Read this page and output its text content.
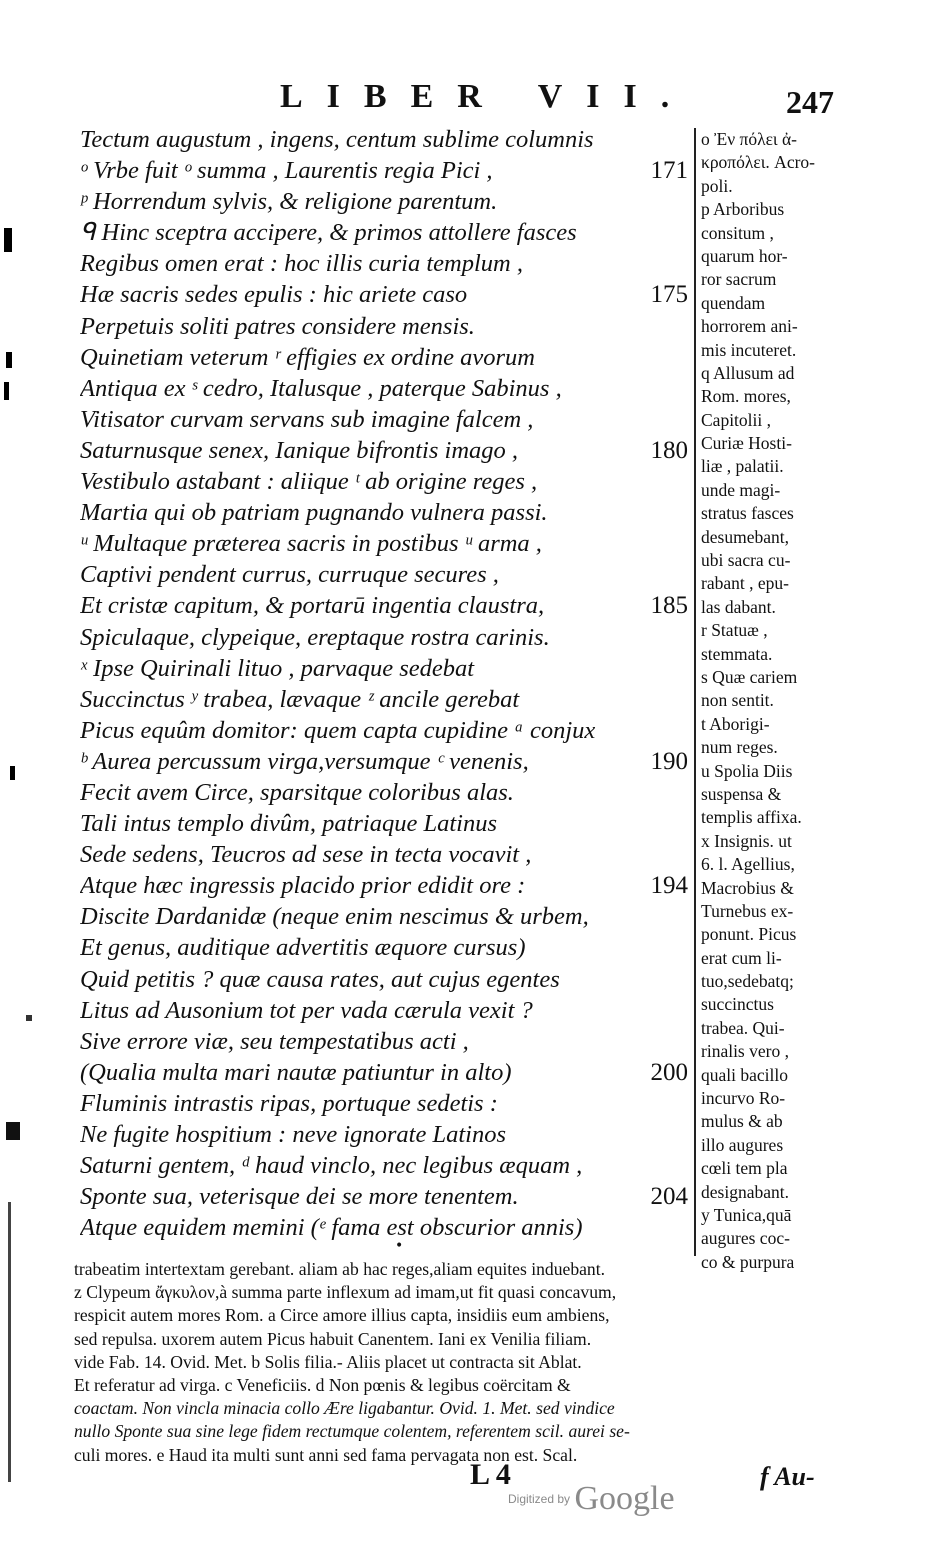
LIBER VII.	247
Tectum augustum , ingens, centum sublime columnis
ᵒ Vrbe fuit ᵒ summa , Laurentis regia Pici ,	171
ᵖ Horrendum sylvis, & religione parentum.
ᑫ Hinc sceptra accipere, & primos attollere fasces
Regibus omen erat : hoc illis curia templum ,
Hæ sacris sedes epulis : hic ariete caso	175
Perpetuis soliti patres considere mensis.
Quinetiam veterum ʳ effigies ex ordine avorum
Antiqua ex ˢ cedro, Italusque , paterque Sabinus ,
Vitisator curvam servans sub imagine falcem ,
Saturnusque senex, Ianique bifrontis imago ,	180
Vestibulo astabant : aliique ᵗ ab origine reges ,
Martia qui ob patriam pugnando vulnera passi.
ᵘ Multaque præterea sacris in postibus ᵘ arma ,
Captivi pendent currus, curruque secures ,
Et cristæ capitum, & portarū ingentia claustra,	185
Spiculaque, clypeique, ereptaque rostra carinis.
ˣ Ipse Quirinali lituo , parvaque sedebat
Succinctus ʸ trabea, lævaque ᶻ ancile gerebat
Picus equûm domitor: quem capta cupidine ᵃ conjux
ᵇ Aurea percussum virga,versumque ᶜ venenis,	190
Fecit avem Circe, sparsitque coloribus alas.
Tali intus templo divûm, patriaque Latinus
Sede sedens, Teucros ad sese in tecta vocavit ,
Atque hæc ingressis placido prior edidit ore :	194
Discite Dardanidæ (neque enim nescimus & urbem,
Et genus, auditique advertitis æquore cursus)
Quid petitis ? quæ causa rates, aut cujus egentes
Litus ad Ausonium tot per vada cærula vexit ?
Sive errore viæ, seu tempestatibus acti ,
(Qualia multa mari nautæ patiuntur in alto)	200
Fluminis intrastis ripas, portuque sedetis :
Ne fugite hospitium : neve ignorate Latinos
Saturni gentem, ᵈ haud vinclo, nec legibus æquam ,
Sponte sua, veterisque dei se more tenentem.	204
Atque equidem memini (ᵉ fama est obscurior annis)
o Ἐν πόλει ἀ-
κροπόλει. Acro-
poli.
p Arboribus
consitum ,
quarum hor-
ror sacrum
quendam
horrorem ani-
mis incuteret.
q Allusum ad
Rom. mores,
Capitolii ,
Curiæ Hosti-
liæ , palatii.
unde magi-
stratus fasces
desumebant,
ubi sacra cu-
rabant , epu-
las dabant.
r Statuæ ,
stemmata.
s Quæ cariem
non sentit.
t Aborigi-
num reges.
u Spolia Diis
suspensa &
templis affixa.
x Insignis. ut
6. l. Agellius,
Macrobius &
Turnebus ex-
ponunt. Picus
erat cum li-
tuo,sedebatq;
succinctus
trabea. Qui-
rinalis vero ,
quali bacillo
incurvo Ro-
mulus & ab
illo augures
cœli tem pla
designabant.
y Tunica,quā
augures coc-
co & purpura
•
trabeatim intertextam gerebant. aliam ab hac reges,aliam equites induebant.
z Clypeum ἄγκυλον,à summa parte inflexum ad imam,ut fit quasi concavum,
respicit autem mores Rom. a Circe amore illius capta, insidiis eum ambiens,
sed repulsa. uxorem autem Picus habuit Canentem. Iani ex Venilia filiam.
vide Fab. 14. Ovid. Met. b Solis filia.- Aliis placet ut contracta sit Ablat.
Et referatur ad virga. c Veneficiis. d Non pœnis & legibus coërcitam &
coactam. Non vincla minacia collo Ære ligabantur. Ovid. 1. Met. sed vindice
nullo Sponte sua sine lege fidem rectumque colentem, referentem scil. aurei se-
culi mores. e Haud ita multi sunt anni sed fama pervagata non est. Scal.
L 4	f Au-
Digitized by Google
